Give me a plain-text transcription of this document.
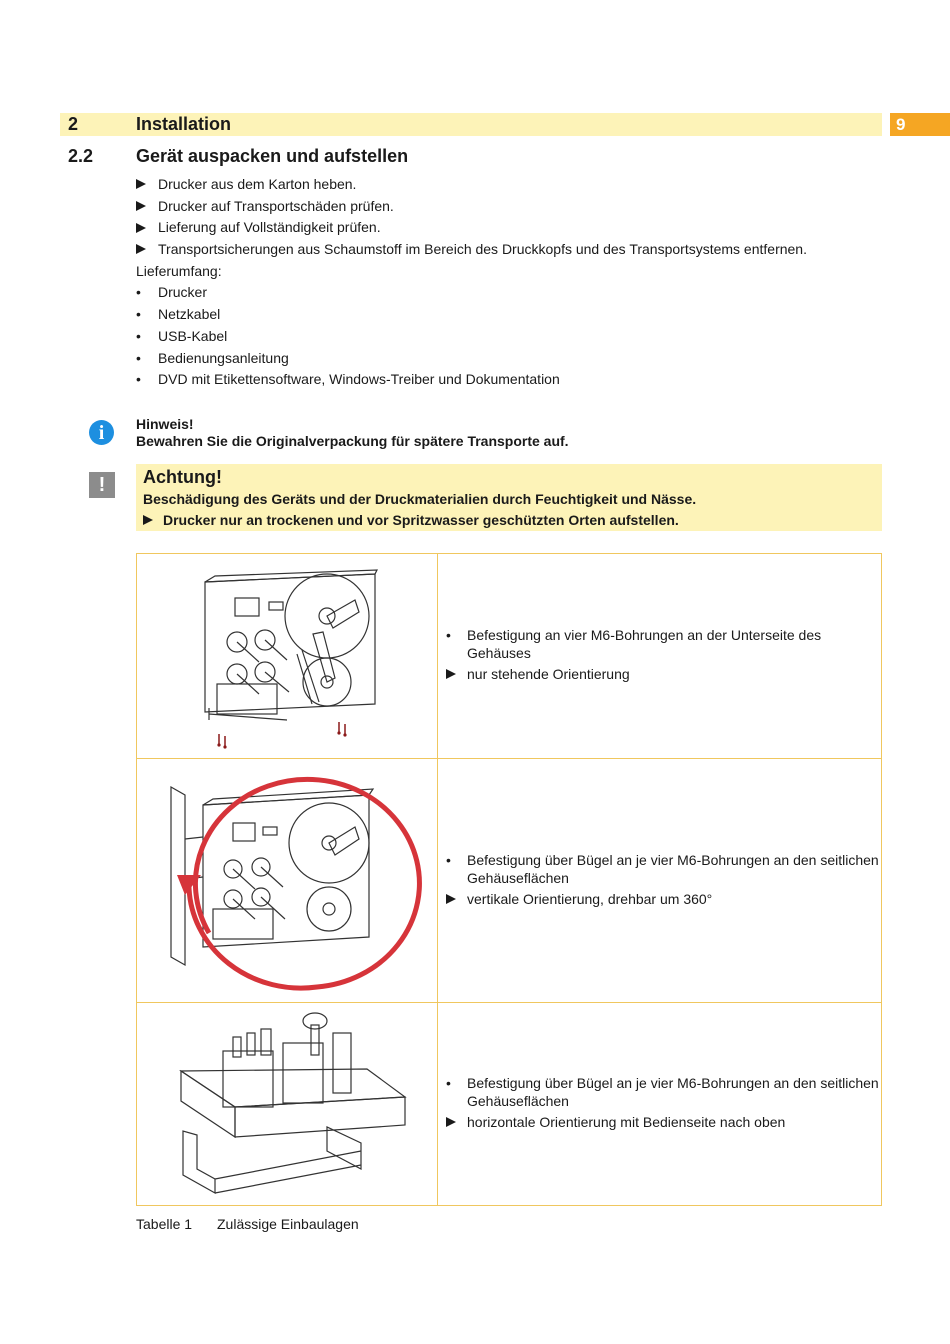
2	Installation	9
2.2 Gerät auspacken und aufstellen
Drucker aus dem Karton heben.
Drucker auf Transportschäden prüfen.
Lieferung auf Vollständigkeit prüfen.
Transportsicherungen aus Schaumstoff im Bereich des Druckkopfs und des Transportsystems entfernen.
Lieferumfang:
•	Drucker
•	Netzkabel
•	USB-Kabel
•	Bedienungsanleitung
•	DVD mit Etikettensoftware, Windows-Treiber und Dokumentation
i	Hinweis!
Bewahren Sie die Originalverpackung für spätere Transporte auf.
!	Achtung!
Beschädigung des Geräts und der Druckmaterialien durch Feuchtigkeit und Nässe.
Drucker nur an trockenen und vor Spritzwasser geschützten Orten aufstellen.

• Befestigung an vier M6-Bohrungen an der Unterseite des Gehäuses
nur stehende Orientierung

• Befestigung über Bügel an je vier M6-Bohrungen an den seitlichen Gehäuseflächen
vertikale Orientierung, drehbar um 360°

• Befestigung über Bügel an je vier M6-Bohrungen an den seitlichen Gehäuseflächen
horizontale Orientierung mit Bedienseite nach oben
Tabelle 1 Zulässige Einbaulagen
